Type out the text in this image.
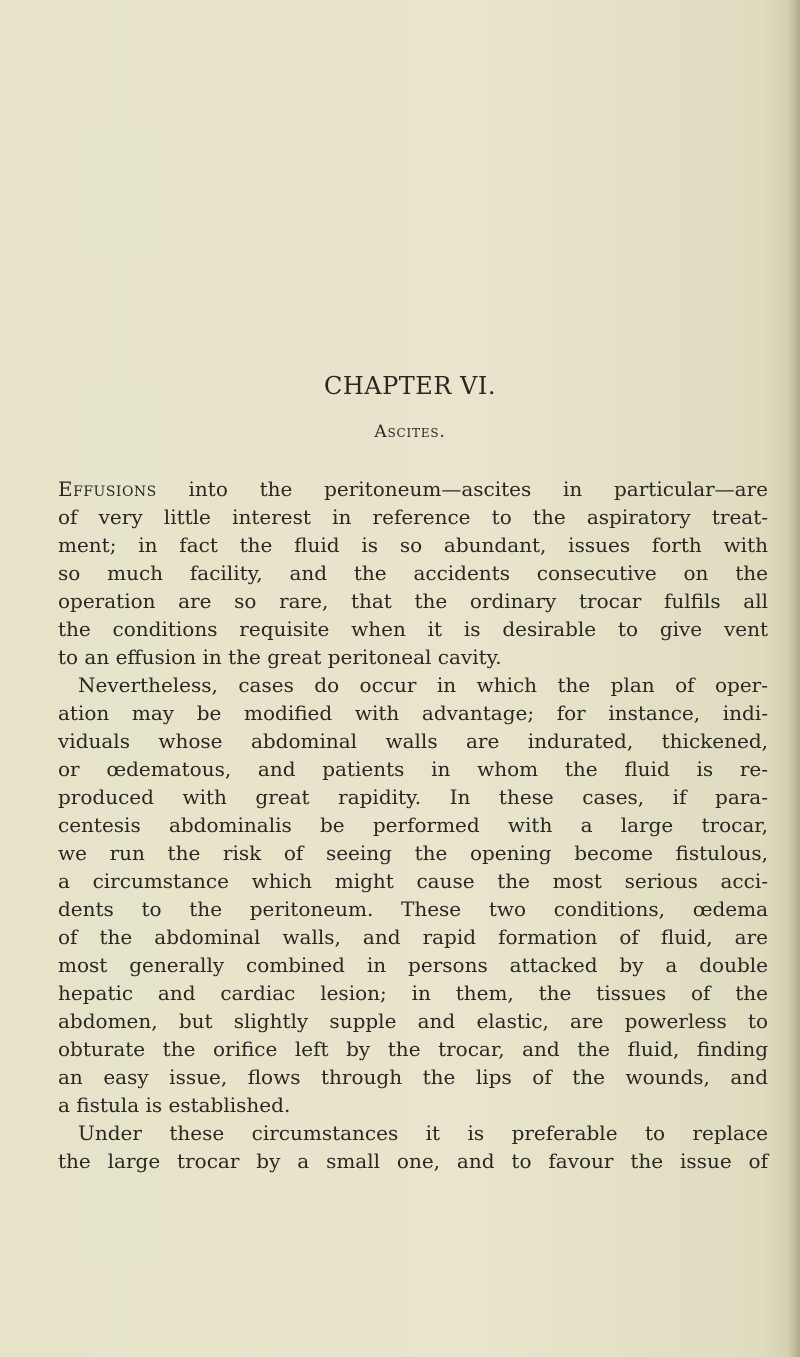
CHAPTER VI.
Ascites.
Effusions into the peritoneum—ascites in particular—are
of very little interest in reference to the aspiratory treat-
ment; in fact the fluid is so abundant, issues forth with
so much facility, and the accidents consecutive on the
operation are so rare, that the ordinary trocar fulfils all
the conditions requisite when it is desirable to give vent
to an effusion in the great peritoneal cavity.
Nevertheless, cases do occur in which the plan of oper-
ation may be modified with advantage; for instance, indi-
viduals whose abdominal walls are indurated, thickened,
or œdematous, and patients in whom the fluid is re-
produced with great rapidity. In these cases, if para-
centesis abdominalis be performed with a large trocar,
we run the risk of seeing the opening become fistulous,
a circumstance which might cause the most serious acci-
dents to the peritoneum. These two conditions, œdema
of the abdominal walls, and rapid formation of fluid, are
most generally combined in persons attacked by a double
hepatic and cardiac lesion; in them, the tissues of the
abdomen, but slightly supple and elastic, are powerless to
obturate the orifice left by the trocar, and the fluid, finding
an easy issue, flows through the lips of the wounds, and
a fistula is established.
Under these circumstances it is preferable to replace
the large trocar by a small one, and to favour the issue of
